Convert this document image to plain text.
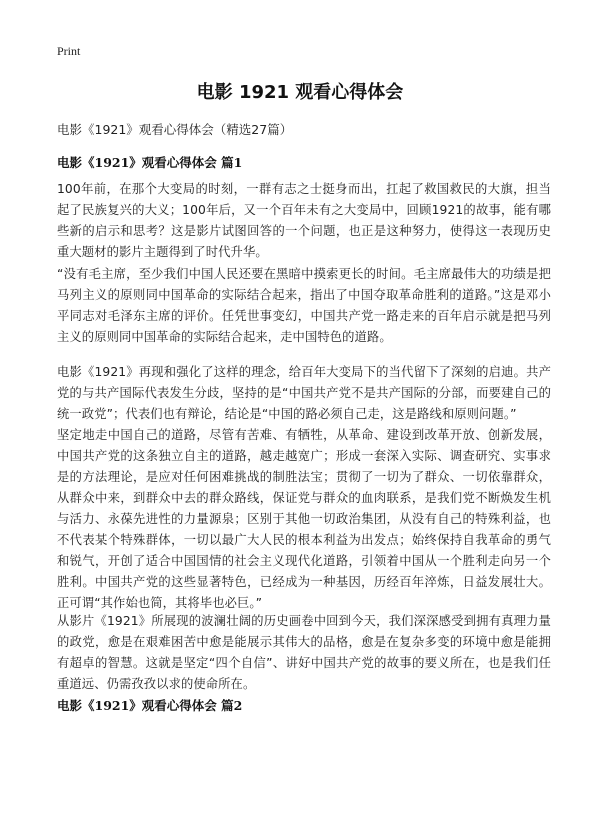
Print
电影 1921 观看心得体会

电影《1921》观看心得体会（精选27篇）

电影《1921》观看心得体会 篇1

100年前，在那个大变局的时刻，一群有志之士挺身而出，扛起了救国救民的大旗，担当起了民族复兴的大义；100年后，又一个百年未有之大变局中，回顾1921的故事，能有哪些新的启示和思考？这是影片试图回答的一个问题，也正是这种努力，使得这一表现历史重大题材的影片主题得到了时代升华。

“没有毛主席，至少我们中国人民还要在黑暗中摸索更长的时间。毛主席最伟大的功绩是把马列主义的原则同中国革命的实际结合起来，指出了中国夺取革命胜利的道路。”这是邓小平同志对毛泽东主席的评价。任凭世事变幻，中国共产党一路走来的百年启示就是把马列主义的原则同中国革命的实际结合起来，走中国特色的道路。

电影《1921》再现和强化了这样的理念，给百年大变局下的当代留下了深刻的启迪。共产党的与共产国际代表发生分歧，坚持的是“中国共产党不是共产国际的分部，而要建自己的统一政党”；代表们也有辩论，结论是“中国的路必须自己走，这是路线和原则问题。”

坚定地走中国自己的道路，尽管有苦难、有牺牲，从革命、建设到改革开放、创新发展，中国共产党的这条独立自主的道路，越走越宽广；形成一套深入实际、调查研究、实事求是的方法理论，是应对任何困难挑战的制胜法宝；贯彻了一切为了群众、一切依靠群众，从群众中来，到群众中去的群众路线，保证党与群众的血肉联系，是我们党不断焕发生机与活力、永葆先进性的力量源泉；区别于其他一切政治集团，从没有自己的特殊利益，也不代表某个特殊群体，一切以最广大人民的根本利益为出发点；始终保持自我革命的勇气和锐气，开创了适合中国国情的社会主义现代化道路，引领着中国从一个胜利走向另一个胜利。中国共产党的这些显著特色，已经成为一种基因，历经百年淬炼，日益发展壮大。正可谓“其作始也简，其将毕也必巨。”

从影片《1921》所展现的波澜壮阔的历史画卷中回到今天，我们深深感受到拥有真理力量的政党，愈是在艰难困苦中愈是能展示其伟大的品格，愈是在复杂多变的环境中愈是能拥有超卓的智慧。这就是坚定“四个自信”、讲好中国共产党的故事的要义所在，也是我们任重道远、仍需孜孜以求的使命所在。

电影《1921》观看心得体会 篇2
